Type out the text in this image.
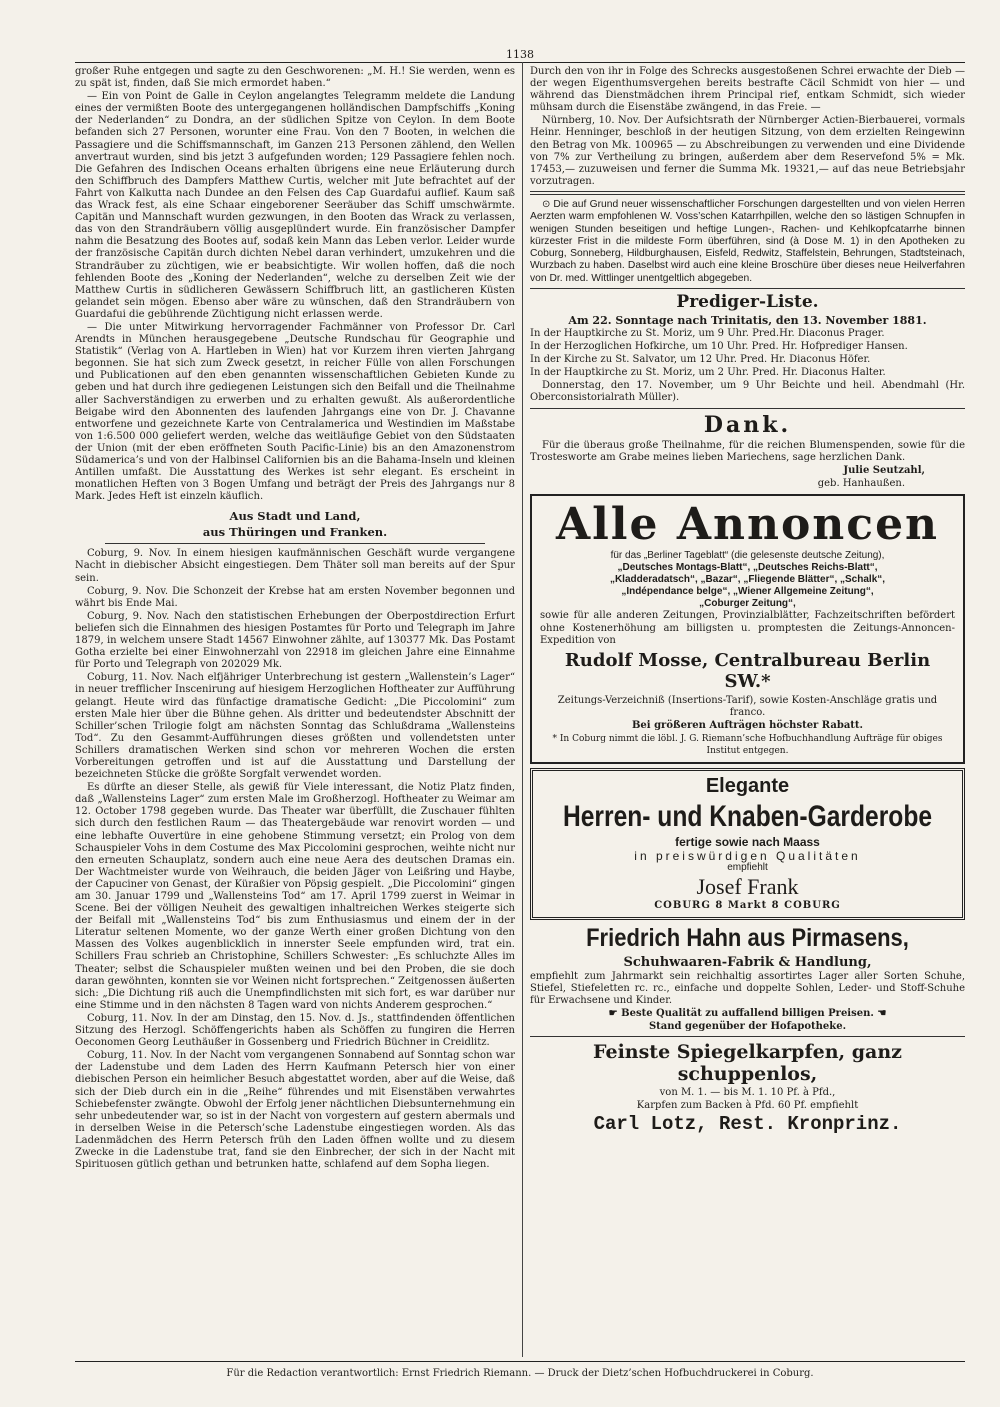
1138

großer Ruhe entgegen und sagte zu den Geschworenen: „M. H.! Sie werden, wenn es zu spät ist, finden, daß Sie mich ermordet haben.“

— Ein von Point de Galle in Ceylon angelangtes Telegramm meldete die Landung eines der vermißten Boote des untergegangenen holländischen Dampfschiffs „Koning der Nederlanden“ zu Dondra, an der südlichen Spitze von Ceylon. In dem Boote befanden sich 27 Personen, worunter eine Frau. Von den 7 Booten, in welchen die Passagiere und die Schiffsmannschaft, im Ganzen 213 Personen zählend, den Wellen anvertraut wurden, sind bis jetzt 3 aufgefunden worden; 129 Passagiere fehlen noch. Die Gefahren des Indischen Oceans erhalten übrigens eine neue Erläuterung durch den Schiffbruch des Dampfers Matthew Curtis, welcher mit Jute befrachtet auf der Fahrt von Kalkutta nach Dundee an den Felsen des Cap Guardafui auflief. Kaum saß das Wrack fest, als eine Schaar eingeborener Seeräuber das Schiff umschwärmte. Capitän und Mannschaft wurden gezwungen, in den Booten das Wrack zu verlassen, das von den Strandräubern völlig ausgeplündert wurde. Ein französischer Dampfer nahm die Besatzung des Bootes auf, sodaß kein Mann das Leben verlor. Leider wurde der französische Capitän durch dichten Nebel daran verhindert, umzukehren und die Strandräuber zu züchtigen, wie er beabsichtigte. Wir wollen hoffen, daß die noch fehlenden Boote des „Koning der Nederlanden“, welche zu derselben Zeit wie der Matthew Curtis in südlicheren Gewässern Schiffbruch litt, an gastlicheren Küsten gelandet sein mögen. Ebenso aber wäre zu wünschen, daß den Strandräubern von Guardafui die gebührende Züchtigung nicht erlassen werde.

— Die unter Mitwirkung hervorragender Fachmänner von Professor Dr. Carl Arendts in München herausgegebene „Deutsche Rundschau für Geographie und Statistik“ (Verlag von A. Hartleben in Wien) hat vor Kurzem ihren vierten Jahrgang begonnen. Sie hat sich zum Zweck gesetzt, in reicher Fülle von allen Forschungen und Publicationen auf den eben genannten wissenschaftlichen Gebieten Kunde zu geben und hat durch ihre gediegenen Leistungen sich den Beifall und die Theilnahme aller Sachverständigen zu erwerben und zu erhalten gewußt. Als außerordentliche Beigabe wird den Abonnenten des laufenden Jahrgangs eine von Dr. J. Chavanne entworfene und gezeichnete Karte von Centralamerica und Westindien im Maßstabe von 1:6.500 000 geliefert werden, welche das weitläufige Gebiet von den Südstaaten der Union (mit der eben eröffneten South Pacific-Linie) bis an den Amazonenstrom Südamerica’s und von der Halbinsel Californien bis an die Bahama-Inseln und kleinen Antillen umfaßt. Die Ausstattung des Werkes ist sehr elegant. Es erscheint in monatlichen Heften von 3 Bogen Umfang und beträgt der Preis des Jahrgangs nur 8 Mark. Jedes Heft ist einzeln käuflich.

Aus Stadt und Land,
aus Thüringen und Franken.

Coburg, 9. Nov. In einem hiesigen kaufmännischen Geschäft wurde vergangene Nacht in diebischer Absicht eingestiegen. Dem Thäter soll man bereits auf der Spur sein.

Coburg, 9. Nov. Die Schonzeit der Krebse hat am ersten November begonnen und währt bis Ende Mai.

Coburg, 9. Nov. Nach den statistischen Erhebungen der Oberpostdirection Erfurt beliefen sich die Einnahmen des hiesigen Postamtes für Porto und Telegraph im Jahre 1879, in welchem unsere Stadt 14567 Einwohner zählte, auf 130377 Mk. Das Postamt Gotha erzielte bei einer Einwohnerzahl von 22918 im gleichen Jahre eine Einnahme für Porto und Telegraph von 202029 Mk.

Coburg, 11. Nov. Nach elfjähriger Unterbrechung ist gestern „Wallenstein’s Lager“ in neuer trefflicher Inscenirung auf hiesigem Herzoglichen Hoftheater zur Aufführung gelangt. Heute wird das fünfactige dramatische Gedicht: „Die Piccolomini“ zum ersten Male hier über die Bühne gehen. Als dritter und bedeutendster Abschnitt der Schiller’schen Trilogie folgt am nächsten Sonntag das Schlußdrama „Wallensteins Tod“. Zu den Gesammt-Aufführungen dieses größten und vollendetsten unter Schillers dramatischen Werken sind schon vor mehreren Wochen die ersten Vorbereitungen getroffen und ist auf die Ausstattung und Darstellung der bezeichneten Stücke die größte Sorgfalt verwendet worden.

Es dürfte an dieser Stelle, als gewiß für Viele interessant, die Notiz Platz finden, daß „Wallensteins Lager“ zum ersten Male im Großherzogl. Hoftheater zu Weimar am 12. October 1798 gegeben wurde. Das Theater war überfüllt, die Zuschauer fühlten sich durch den festlichen Raum — das Theatergebäude war renovirt worden — und eine lebhafte Ouvertüre in eine gehobene Stimmung versetzt; ein Prolog von dem Schauspieler Vohs in dem Costume des Max Piccolomini gesprochen, weihte nicht nur den erneuten Schauplatz, sondern auch eine neue Aera des deutschen Dramas ein. Der Wachtmeister wurde von Weihrauch, die beiden Jäger von Leißring und Haybe, der Capuciner von Genast, der Küraßier von Pöpsig gespielt. „Die Piccolomini“ gingen am 30. Januar 1799 und „Wallensteins Tod“ am 17. April 1799 zuerst in Weimar in Scene. Bei der völligen Neuheit des gewaltigen inhaltreichen Werkes steigerte sich der Beifall mit „Wallensteins Tod“ bis zum Enthusiasmus und einem der in der Literatur seltenen Momente, wo der ganze Werth einer großen Dichtung von den Massen des Volkes augenblicklich in innerster Seele empfunden wird, trat ein. Schillers Frau schrieb an Christophine, Schillers Schwester: „Es schluchzte Alles im Theater; selbst die Schauspieler mußten weinen und bei den Proben, die sie doch daran gewöhnten, konnten sie vor Weinen nicht fortsprechen.“ Zeitgenossen äußerten sich: „Die Dichtung riß auch die Unempfindlichsten mit sich fort, es war darüber nur eine Stimme und in den nächsten 8 Tagen ward von nichts Anderem gesprochen.“

Coburg, 11. Nov. In der am Dinstag, den 15. Nov. d. Js., stattfindenden öffentlichen Sitzung des Herzogl. Schöffengerichts haben als Schöffen zu fungiren die Herren Oeconomen Georg Leuthäußer in Gossenberg und Friedrich Büchner in Creidlitz.

Coburg, 11. Nov. In der Nacht vom vergangenen Sonnabend auf Sonntag schon war der Ladenstube und dem Laden des Herrn Kaufmann Petersch hier von einer diebischen Person ein heimlicher Besuch abgestattet worden, aber auf die Weise, daß sich der Dieb durch ein in die „Reihe“ führendes und mit Eisenstäben verwahrtes Schiebefenster zwängte. Obwohl der Erfolg jener nächtlichen Diebsunternehmung ein sehr unbedeutender war, so ist in der Nacht von vorgestern auf gestern abermals und in derselben Weise in die Petersch’sche Ladenstube eingestiegen worden. Als das Ladenmädchen des Herrn Petersch früh den Laden öffnen wollte und zu diesem Zwecke in die Ladenstube trat, fand sie den Einbrecher, der sich in der Nacht mit Spirituosen gütlich gethan und betrunken hatte, schlafend auf dem Sopha liegen.

Durch den von ihr in Folge des Schrecks ausgestoßenen Schrei erwachte der Dieb — der wegen Eigenthumsvergehen bereits bestrafte Cäcil Schmidt von hier — und während das Dienstmädchen ihrem Principal rief, entkam Schmidt, sich wieder mühsam durch die Eisenstäbe zwängend, in das Freie. —

Nürnberg, 10. Nov. Der Aufsichtsrath der Nürnberger Actien-Bierbauerei, vormals Heinr. Henninger, beschloß in der heutigen Sitzung, von dem erzielten Reingewinn den Betrag von Mk. 100965 — zu Abschreibungen zu verwenden und eine Dividende von 7% zur Vertheilung zu bringen, außerdem aber dem Reservefond 5% = Mk. 17453,— zuzuweisen und ferner die Summa Mk. 19321,— auf das neue Betriebsjahr vorzutragen.

⊙ Die auf Grund neuer wissenschaftlicher Forschungen dargestellten und von vielen Herren Aerzten warm empfohlenen W. Voss’schen Katarrhpillen, welche den so lästigen Schnupfen in wenigen Stunden beseitigen und heftige Lungen-, Rachen- und Kehlkopfcatarrhe binnen kürzester Frist in die mildeste Form überführen, sind (à Dose M. 1) in den Apotheken zu Coburg, Sonneberg, Hildburghausen, Eisfeld, Redwitz, Staffelstein, Behrungen, Stadtsteinach, Wurzbach zu haben. Daselbst wird auch eine kleine Broschüre über dieses neue Heilverfahren von Dr. med. Wittlinger unentgeltlich abgegeben.

Prediger-Liste.
Am 22. Sonntage nach Trinitatis, den 13. November 1881.

In der Hauptkirche zu St. Moriz, um 9 Uhr. Pred.Hr. Diaconus Prager.

In der Herzoglichen Hofkirche, um 10 Uhr. Pred. Hr. Hofprediger Hansen.

In der Kirche zu St. Salvator, um 12 Uhr. Pred. Hr. Diaconus Höfer.

In der Hauptkirche zu St. Moriz, um 2 Uhr. Pred. Hr. Diaconus Halter.

Donnerstag, den 17. November, um 9 Uhr Beichte und heil. Abendmahl (Hr. Oberconsistorialrath Müller).

Dank.

Für die überaus große Theilnahme, für die reichen Blumenspenden, sowie für die Trostesworte am Grabe meines lieben Mariechens, sage herzlichen Dank.

Julie Seutzahl,

geb. Hanhaußen.

Alle Annoncen
für das „Berliner Tageblatt“ (die gelesenste deutsche Zeitung),
„Deutsches Montags-Blatt“, „Deutsches Reichs-Blatt“,
„Kladderadatsch“, „Bazar“, „Fliegende Blätter“, „Schalk“,
„Indépendance belge“, „Wiener Allgemeine Zeitung“,
„Coburger Zeitung“,

sowie für alle anderen Zeitungen, Provinzialblätter, Fachzeitschriften befördert ohne Kostenerhöhung am billigsten u. promptesten die Zeitungs-Annoncen-Expedition von

Rudolf Mosse, Centralbureau Berlin SW.*

Zeitungs-Verzeichniß (Insertions-Tarif), sowie Kosten-Anschläge gratis und franco.

Bei größeren Aufträgen höchster Rabatt.

* In Coburg nimmt die löbl. J. G. Riemann’sche Hofbuchhandlung Aufträge für obiges Institut entgegen.

Elegante
Herren- und Knaben-Garderobe
fertige sowie nach Maass
in preiswürdigen Qualitäten
empfiehlt
Josef Frank
COBURG 8 Markt 8 COBURG
Friedrich Hahn aus Pirmasens,
Schuhwaaren-Fabrik & Handlung,

empfiehlt zum Jahrmarkt sein reichhaltig assortirtes Lager aller Sorten Schuhe, Stiefel, Stiefeletten rc. rc., einfache und doppelte Sohlen, Leder- und Stoff-Schuhe für Erwachsene und Kinder.

☛ Beste Qualität zu auffallend billigen Preisen. ☚

Stand gegenüber der Hofapotheke.

Feinste Spiegelkarpfen, ganz schuppenlos,

von M. 1. — bis M. 1. 10 Pf. à Pfd.,

Karpfen zum Backen à Pfd. 60 Pf. empfiehlt

Carl Lotz, Rest. Kronprinz.
Für die Redaction verantwortlich: Ernst Friedrich Riemann. — Druck der Dietz’schen Hofbuchdruckerei in Coburg.
